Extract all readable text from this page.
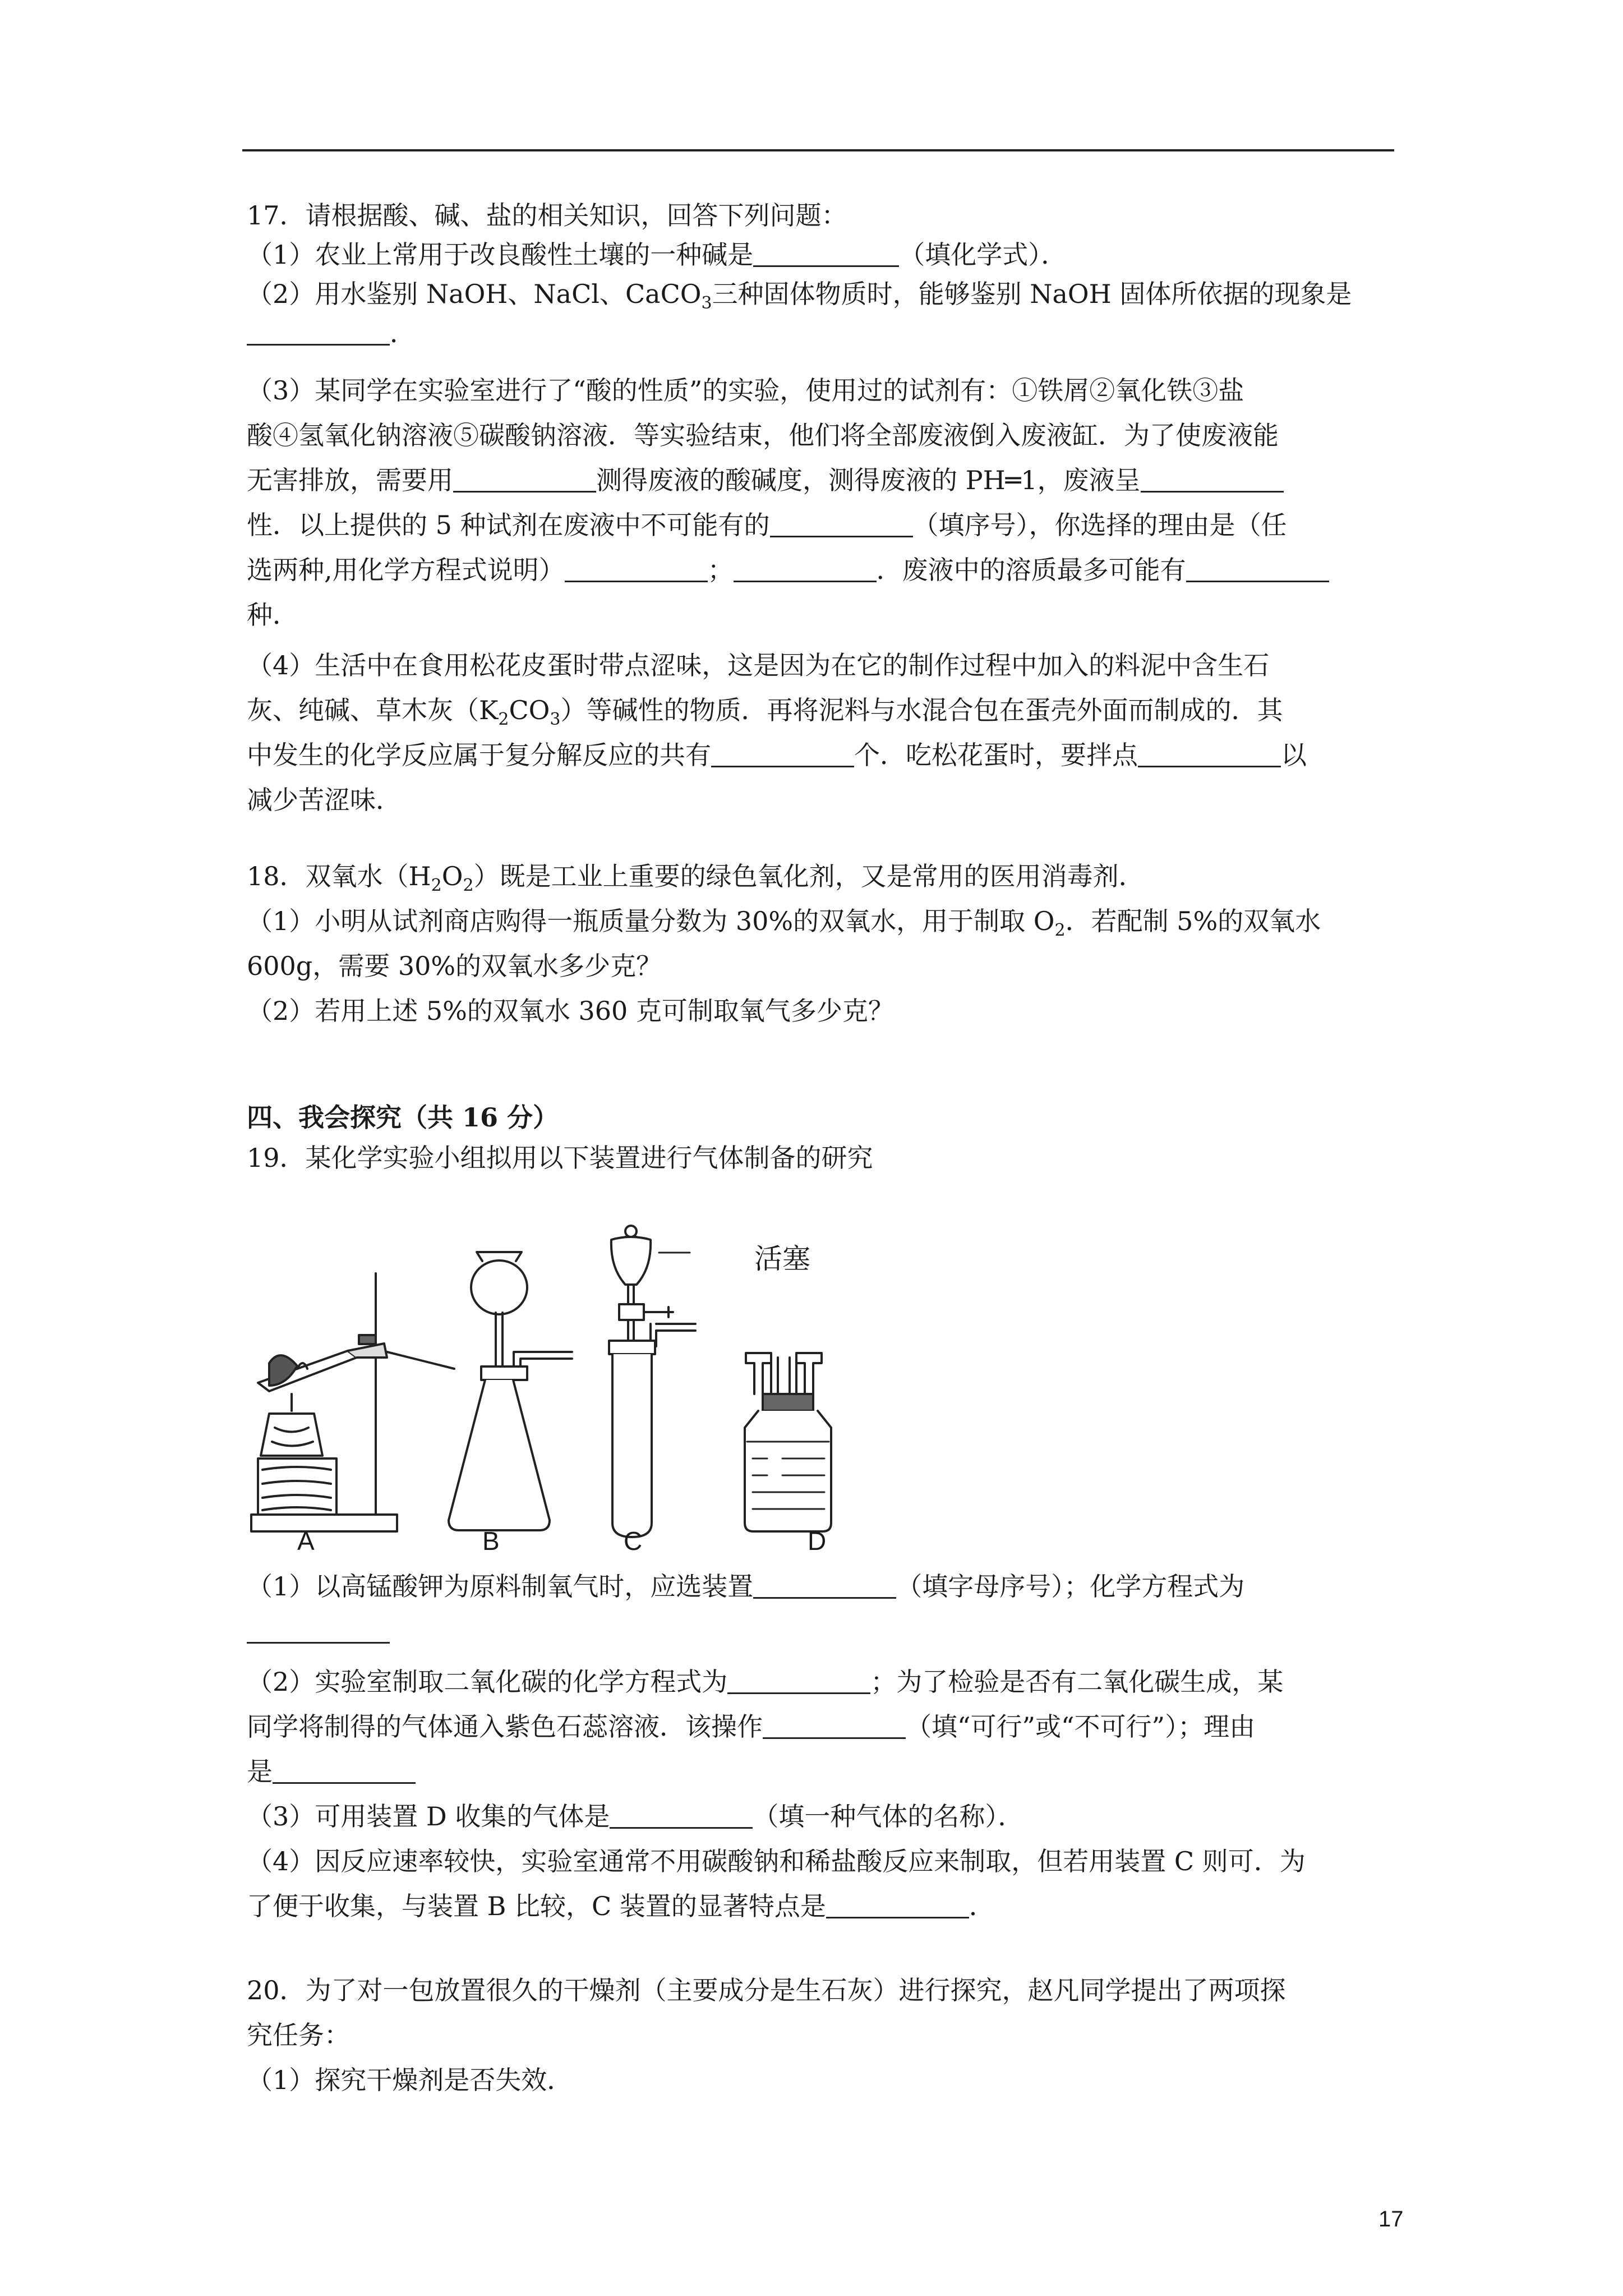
17．请根据酸、碱、盐的相关知识，回答下列问题：
（1）农业上常用于改良酸性土壤的一种碱是	（填化学式）．
（2）用水鉴别 NaOH、NaCl、CaCO$_3$三种固体物质时，能够鉴别 NaOH 固体所依据的现象是
．
（3）某同学在实验室进行了“酸的性质”的实验，使用过的试剂有：①铁屑②氧化铁③盐
酸④氢氧化钠溶液⑤碳酸钠溶液．等实验结束，他们将全部废液倒入废液缸．为了使废液能
无害排放，需要用	测得废液的酸碱度，测得废液的 PH═1，废液呈
性．以上提供的 5 种试剂在废液中不可能有的	（填序号），你选择的理由是（任
选两种,用化学方程式说明）	；	．废液中的溶质最多可能有
种．
（4）生活中在食用松花皮蛋时带点涩味，这是因为在它的制作过程中加入的料泥中含生石
灰、纯碱、草木灰$(K_2CO_3)$等碱性的物质．再将泥料与水混合包在蛋壳外面而制成的．其
中发生的化学反应属于复分解反应的共有	个．吃松花蛋时，要拌点	以
减少苦涩味．
18．双氧水$(H_2O_2)$既是工业上重要的绿色氧化剂，又是常用的医用消毒剂．
（1）小明从试剂商店购得一瓶质量分数为 30%的双氧水，用于制取 $O_2$．若配制 5%的双氧水
600g，需要 30%的双氧水多少克？
（2）若用上述 5%的双氧水 360 克可制取氧气多少克？
四、我会探究（共 16 分）
19．某化学实验小组拟用以下装置进行气体制备的研究
（1）以高锰酸钾为原料制氧气时，应选装置	（填字母序号）；化学方程式为
（2）实验室制取二氧化碳的化学方程式为	；为了检验是否有二氧化碳生成，某
同学将制得的气体通入紫色石蕊溶液．该操作	（填“可行”或“不可行”）；理由
是
（3）可用装置 D 收集的气体是	（填一种气体的名称）．
（4）因反应速率较快，实验室通常不用碳酸钠和稀盐酸反应来制取，但若用装置 C 则可．为
了便于收集，与装置 B 比较，C 装置的显著特点是	．
20．为了对一包放置很久的干燥剂（主要成分是生石灰）进行探究，赵凡同学提出了两项探
究任务：
（1）探究干燥剂是否失效．
活塞
A	B	C	D
17
